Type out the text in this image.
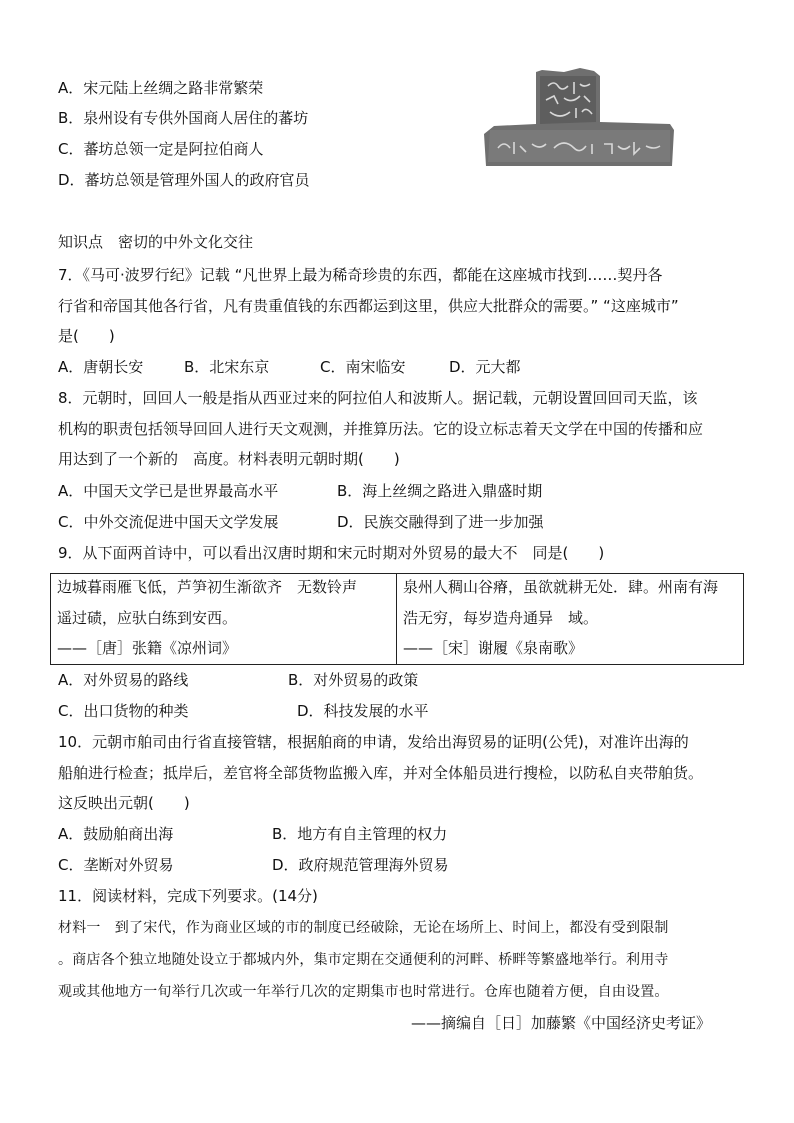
A．宋元陆上丝绸之路非常繁荣
B．泉州设有专供外国商人居住的蕃坊
C．蕃坊总领一定是阿拉伯商人
D．蕃坊总领是管理外国人的政府官员
知识点　密切的中外文化交往
7．《马可·波罗行纪》记载 “凡世界上最为稀奇珍贵的东西，都能在这座城市找到……契丹各
行省和帝国其他各行省，凡有贵重值钱的东西都运到这里，供应大批群众的需要。” “这座城市”
是(　　)
A．唐朝长安	B．北宋东京	C．南宋临安	D．元大都
8．元朝时，回回人一般是指从西亚过来的阿拉伯人和波斯人。据记载，元朝设置回回司天监，该
机构的职责包括领导回回人进行天文观测，并推算历法。它的设立标志着天文学在中国的传播和应
用达到了一个新的　高度。材料表明元朝时期(　　)
A．中国天文学已是世界最高水平	B．海上丝绸之路进入鼎盛时期
C．中外交流促进中国天文学发展	D．民族交融得到了进一步加强
9．从下面两首诗中，可以看出汉唐时期和宋元时期对外贸易的最大不　同是(　　)
边城暮雨雁飞低，芦笋初生渐欲齐　无数铃声
遥过碛，应驮白练到安西。
——［唐］张籍《凉州词》
泉州人稠山谷瘠，虽欲就耕无处．肆。州南有海
浩无穷，每岁造舟通异　域。
——［宋］谢履《泉南歌》
A．对外贸易的路线	B．对外贸易的政策
C．出口货物的种类	D．科技发展的水平
10．元朝市舶司由行省直接管辖，根据舶商的申请，发给出海贸易的证明(公凭)，对准许出海的
船舶进行检查；抵岸后，差官将全部货物监搬入库，并对全体船员进行搜检，以防私自夹带舶货。
这反映出元朝(　　)
A．鼓励舶商出海	B．地方有自主管理的权力
C．垄断对外贸易	D．政府规范管理海外贸易
11．阅读材料，完成下列要求。(14分)
材料一　到了宋代，作为商业区域的市的制度已经破除，无论在场所上、时间上，都没有受到限制
。商店各个独立地随处设立于都城内外，集市定期在交通便利的河畔、桥畔等繁盛地举行。利用寺
观或其他地方一旬举行几次或一年举行几次的定期集市也时常进行。仓库也随着方便，自由设置。
——摘编自［日］加藤繁《中国经济史考证》
